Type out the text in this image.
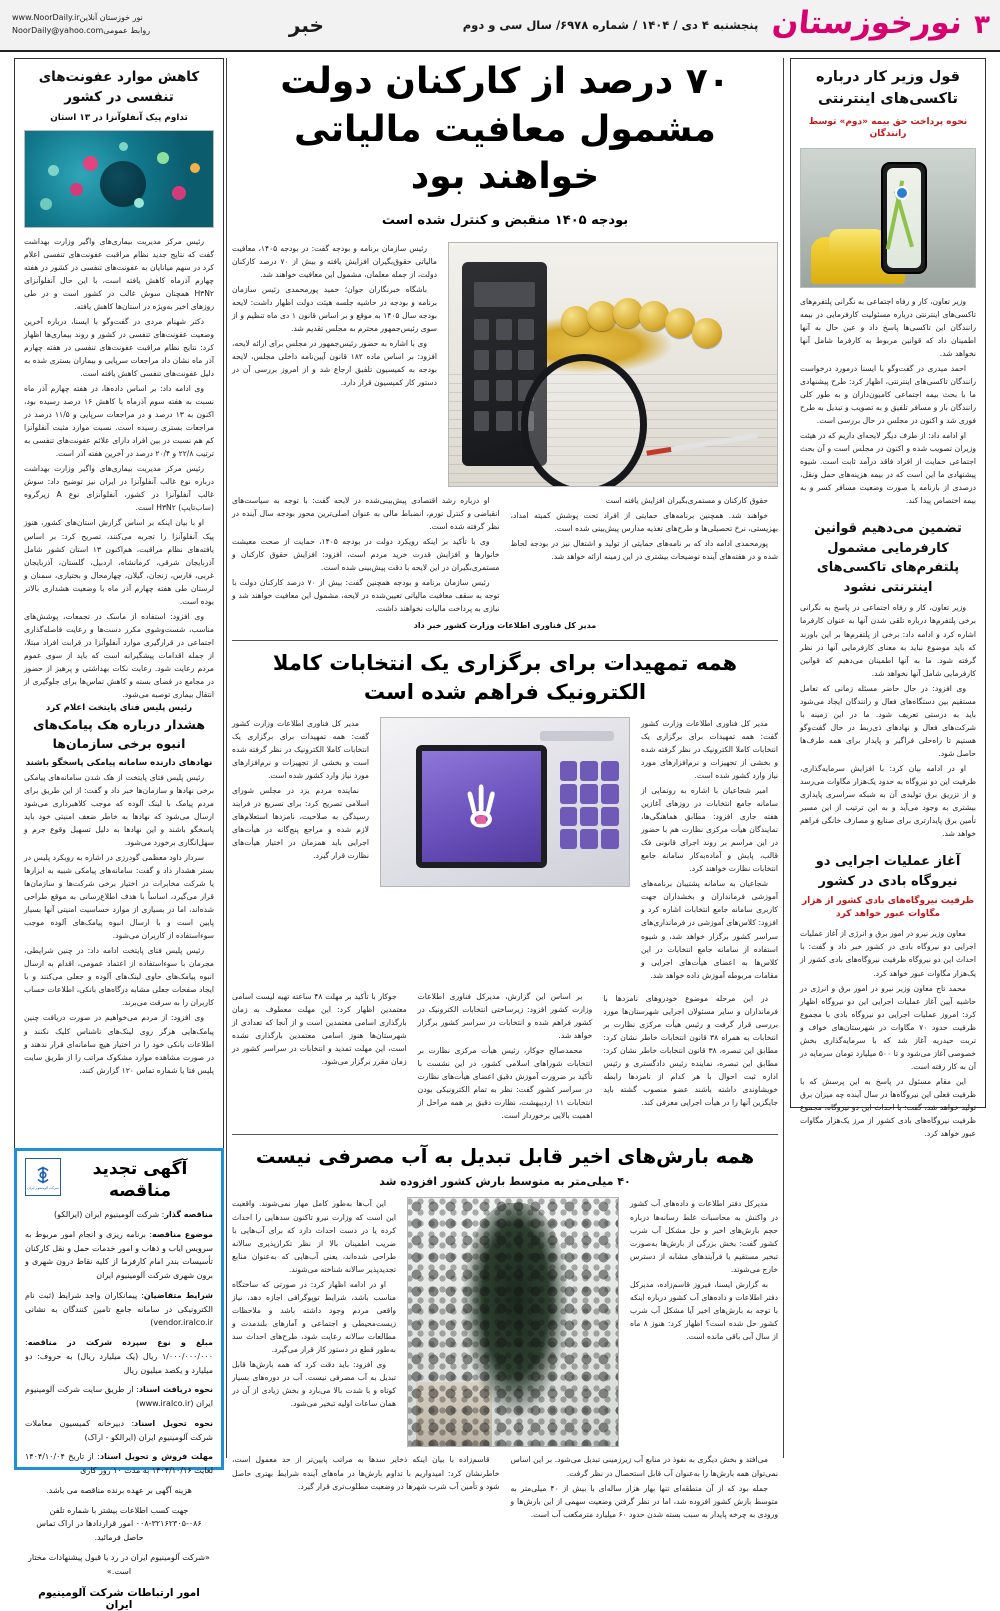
۳
نورخوزستان
پنجشنبه ۴ دی / ۱۴۰۴ / شماره ۶۹۷۸/ سال سی و دوم
خبر
www.NoorDaily.irنور خوزستان آنلاین
NoorDaily@yahoo.comروابط عمومی
قول وزیر کار درباره تاکسی‌های اینترنتی
نحوه پرداخت حق بیمه «دوم» توسط رانندگان

وزیر تعاون، کار و رفاه اجتماعی به نگرانی پلتفرم‌های تاکسی‌های اینترنتی درباره مسئولیت کارفرمایی در بیمه رانندگان این تاکسی‌ها پاسخ داد و عین حال به آنها اطمینان داد که قوانین مربوط به کارفرما شامل آنها نخواهد شد.

احمد میدری در گفت‌وگو با ایسنا درمورد درخواست رانندگان تاکسی‌های اینترنتی، اظهار کرد: طرح پیشنهادی ما با بحث بیمه اجتماعی کامیون‌داران و به طور کلی رانندگان بار و مسافر تلفیق و به تصویب و تبدیل به طرح فوری شد و اکنون در مجلس در حال بررسی است.

او ادامه داد: از طرف دیگر لایحه‌ای داریم که در هیئت وزیران تصویب شده و اکنون در مجلس است و آن بحث اجتماعی حمایت از افراد فاقد درآمد ثابت است. شیوه پیشنهادی ما این است که در بیمه هزینه‌های حمل ونقل، درصدی از بارنامه یا صورت وضعیت مسافر کسر و به بیمه اختصاص پیدا کند.

تضمین می‌دهیم قوانین کارفرمایی مشمول پلتفرم‌های تاکسی‌های اینترنتی نشود

وزیر تعاون، کار و رفاه اجتماعی در پاسخ به نگرانی برخی پلتفرم‌ها درباره تلقی شدن آنها به عنوان کارفرما اشاره کرد و ادامه داد: برخی از پلتفرم‌ها بر این باورند که باید موضوع نباید به معنای کارفرمایی آنها در نظر گرفته شود. ما به آنها اطمینان می‌دهیم که قوانین کارفرمایی شامل آنها نخواهد شد.

وی افزود: در حال حاضر مسئله زمانی که تعامل مستقیم بین دستگاه‌های فعال و رانندگان ایجاد می‌شود باید به درستی تعریف شود. ما در این زمینه با شرکت‌های فعال و نهادهای ذی‌ربط در حال گفت‌وگو هستیم تا راه‌حلی فراگیر و پایدار برای همه طرف‌ها حاصل شود.

او در ادامه بیان کرد: با افزایش سرمایه‌گذاری، ظرفیت این دو نیروگاه به حدود یک‌هزار مگاوات می‌رسد و از تزریق برق تولیدی آن به شبکه سراسری پایداری بیشتری به وجود می‌آید و به این ترتیب از این مسیر تأمین برق پایدارتری برای صنایع و مصارف خانگی فراهم خواهد شد.

آغاز عملیات اجرایی دو نیروگاه بادی در کشور
ظرفیت نیروگاه‌های بادی کشور از هزار مگاوات عبور خواهد کرد

معاون وزیر نیرو در امور برق و انرژی از آغاز عملیات اجرایی دو نیروگاه بادی در کشور خبر داد و گفت: با احداث این دو نیروگاه ظرفیت نیروگاه‌های بادی کشور از یک‌هزار مگاوات عبور خواهد کرد.

محمد تاج معاون وزیر نیرو در امور برق و انرژی در حاشیه آیین آغاز عملیات اجرایی این دو نیروگاه اظهار کرد: امروز عملیات اجرایی دو نیروگاه بادی با مجموع ظرفیت حدود ۷۰ مگاوات در شهرستان‌های خواف و تربت حیدریه آغاز شد که با سرمایه‌گذاری بخش خصوصی آغاز می‌شود و تا ۵۰۰ میلیارد تومان سرمایه در آن به کار رفته است.

این مقام مسئول در پاسخ به این پرسش که با ظرفیت فعلی این نیروگاه‌ها در سال آینده چه میزان برق تولید خواهد شد، گفت: با احداث این دو نیروگاه، مجموع ظرفیت نیروگاه‌های بادی کشور از مرز یک‌هزار مگاوات عبور خواهد کرد.

۷۰ درصد از کارکنان دولت مشمول معافیت مالیاتی خواهند بود
بودجه ۱۴۰۵ منقبض و کنترل شده است

رئیس سازمان برنامه و بودجه گفت: در بودجه ۱۴۰۵، معافیت مالیاتی حقوق‌بگیران افزایش یافته و بیش از ۷۰ درصد کارکنان دولت، از جمله معلمان، مشمول این معافیت خواهند شد.

باشگاه خبرنگاران جوان؛ حمید پورمحمدی رئیس سازمان برنامه و بودجه در حاشیه جلسه هیئت دولت اظهار داشت: لایحه بودجه سال ۱۴۰۵ به موقع و بر اساس قانون ۱ دی ماه تنظیم و از سوی رئیس‌جمهور محترم به مجلس تقدیم شد.

وی با اشاره به حضور رئیس‌جمهور در مجلس برای ارائه لایحه، افزود: بر اساس ماده ۱۸۲ قانون آیین‌نامه داخلی مجلس، لایحه بودجه به کمیسیون تلفیق ارجاع شد و از امروز بررسی آن در دستور کار کمیسیون قرار دارد.

حقوق کارکنان و مستمری‌بگیران افزایش یافته است

خواهند شد. همچنین برنامه‌های حمایتی از افراد تحت پوشش کمیته امداد، بهزیستی، نرخ تحصیلی‌ها و طرح‌های تغذیه مدارس پیش‌بینی شده است.

پورمحمدی ادامه داد که بر نامه‌های حمایتی از تولید و اشتغال نیز در بودجه لحاظ شده و در هفته‌های آینده توضیحات بیشتری در این زمینه ارائه خواهد شد.

او درباره رشد اقتصادی پیش‌بینی‌شده در لایحه گفت: با توجه به سیاست‌های انقباضی و کنترل تورم، انضباط مالی به عنوان اصلی‌ترین محور بودجه سال آینده در نظر گرفته شده است.

وی با تأکید بر اینکه رویکرد دولت در بودجه ۱۴۰۵، حمایت از صحت معیشت خانوارها و افزایش قدرت خرید مردم است، افزود: افزایش حقوق کارکنان و مستمری‌بگیران در این لایحه با دقت پیش‌بینی شده است.

رئیس سازمان برنامه و بودجه همچنین گفت: بیش از ۷۰ درصد کارکنان دولت با توجه به سقف معافیت مالیاتی تعیین‌شده در لایحه، مشمول این معافیت خواهند شد و نیازی به پرداخت مالیات نخواهند داشت.

مدیر کل فناوری اطلاعات وزارت کشور خبر داد
همه تمهیدات برای برگزاری یک انتخابات کاملا الکترونیک فراهم شده است

مدیر کل فناوری اطلاعات وزارت کشور گفت: همه تمهیدات برای برگزاری یک انتخابات کاملا الکترونیک در نظر گرفته شده و بخشی از تجهیزات و نرم‌افزارهای مورد نیاز وارد کشور شده است.

امیر شجاعیان با اشاره به رونمایی از سامانه جامع انتخابات در روزهای آغازین هفته جاری افزود: مطابق هماهنگی‌ها، نمایندگان هیأت مرکزی نظارت هم با حضور در این مراسم بر روند اجرای قانونی فک قالب، پایش و آماده‌به‌کار سامانه جامع انتخابات نظارت خواهند کرد.

شجاعیان به سامانه پشتیبان برنامه‌های آموزشی فرمانداران و بخشداران جهت کاربری سامانه جامع انتخابات اشاره کرد و افزود: کلاس‌های آموزشی در فرمانداری‌های سراسر کشور برگزار خواهد شد، و شیوه استفاده از سامانه جامع انتخابات در این کلاس‌ها به اعضای هیأت‌های اجرایی و مقامات مربوطه آموزش داده خواهد شد.

مدیر کل فناوری اطلاعات وزارت کشور گفت: همه تمهیدات برای برگزاری یک انتخابات کاملا الکترونیک در نظر گرفته شده است و بخشی از تجهیزات و نرم‌افزارهای مورد نیاز وارد کشور شده است.

نماینده مردم یزد در مجلس شورای اسلامی تصریح کرد: برای تسریع در فرایند رسیدگی به صلاحیت، نامزدها استعلام‌های لازم شده و مراجع پنج‌گانه در هیأت‌های اجرایی باید همزمان در اختیار هیأت‌های نظارت قرار گیرد.

در این مرحله موضوع خودروهای نامزدها با فرمانداران و سایر مسئولان اجرایی شهرستان‌ها مورد بررسی قرار گرفت و رئیس هیأت مرکزی نظارت بر انتخابات به همراه ۳۸ قانون انتخابات خاطر نشان کرد: مطابق این تبصره، ۳۸ قانون انتخابات خاطر نشان کرد: مطابق این تبصره، نماینده رئیس دادگستری و رئیس اداره ثبت احوال با هر کدام از نامزدها رابطه خویشاوندی داشته باشند عضو منصوب گشته باید جایگزین آنها را در هیأت اجرایی معرفی کند.

بر اساس این گزارش، مدیرکل فناوری اطلاعات وزارت کشور افزود: زیرساختی انتخابات الکترونیک در کشور فراهم شده و انتخابات در سراسر کشور برگزار خواهد شد.

محمدصالح جوکار، رئیس هیأت مرکزی نظارت بر انتخابات شوراهای اسلامی کشور، در این نشست با تأکید بر ضرورت آموزش دقیق اعضای هیأت‌های نظارت در سراسر کشور گفت: نظر به تمام الکترونیکی بودن انتخابات ۱۱ اردیبهشت، نظارت دقیق بر همه مراحل از اهمیت بالایی برخوردار است.

جوکار با تأکید بر مهلت ۴۸ ساعته تهیه لیست اسامی معتمدین اظهار کرد: این مهلت معطوف به زمان بارگذاری اسامی معتمدین است و از آنجا که تعدادی از شهرستان‌ها هنوز اسامی معتمدین بارگذاری نشده است، این مهلت تمدید و انتخابات در سراسر کشور در زمان مقرر برگزار می‌شود.

همه بارش‌های اخیر قابل تبدیل به آب مصرفی نیست
۴۰ میلی‌متر به متوسط بارش کشور افزوده شد

مدیرکل دفتر اطلاعات و داده‌های آب کشور در واکنش به محاسبات غلط رسانه‌ها درباره حجم بارش‌های اخیر و حل مشکل آب شرب کشور گفت: بخش بزرگی از بارش‌ها به‌صورت تبخیر مستقیم یا فرآیندهای مشابه از دسترس خارج می‌شوند.

به گزارش ایسنا، فیروز قاسم‌زاده، مدیرکل دفتر اطلاعات و داده‌های آب کشور درباره اینکه با توجه به بارش‌های اخیر آیا مشکل آب شرب کشور حل شده است؟ اظهار کرد: هنوز ۸ ماه از سال آبی باقی مانده است.

این آب‌ها به‌طور کامل مهار نمی‌شوند. واقعیت این است که وزارت نیرو تاکنون سدهایی را احداث کرده یا در دست احداث دارد که برای آب‌هایی با ضریب اطمینان بالا از نظر تکرارپذیری سالانه طراحی شده‌اند، یعنی آب‌هایی که به‌عنوان منابع تجدیدپذیر سالانه شناخته می‌شوند.

او در ادامه اظهار کرد: در صورتی که ساختگاه مناسب باشد، شرایط توپوگرافی اجازه دهد، نیاز واقعی مردم وجود داشته باشد و ملاحظات زیست‌محیطی و اجتماعی و آمارهای بلندمدت و مطالعات سالانه رعایت شود، طرح‌های احداث سد به‌طور قطع در دستور کار قرار می‌گیرد.

وی افزود: باید دقت کرد که همه بارش‌ها قابل تبدیل به آب مصرفی نیست. آب در دوره‌های بسیار کوتاه و با شدت بالا می‌بارد و بخش زیادی از آن در همان ساعات اولیه تبخیر می‌شود.

می‌افتد و بخش دیگری به نفوذ در منابع آب زیرزمینی تبدیل می‌شود. بر این اساس نمی‌توان همه بارش‌ها را به‌عنوان آب قابل استحصال در نظر گرفت.

جمله بود که از آن منطقه‌ای تنها بهار هزار ساله‌ای با بیش از ۴۰ میلی‌متر به متوسط بارش کشور افزوده شد، اما در نظر گرفتن وضعیت سهمی از این بارش‌ها و ورودی به چرخه پایدار به سبب بسته شدن حدود ۶۰ میلیارد مترمکعب آب است.

قاسم‌زاده با بیان اینکه ذخایر سدها به مراتب پایین‌تر از حد معمول است، خاطرنشان کرد: امیدواریم با تداوم بارش‌ها در ماه‌های آینده شرایط بهتری حاصل شود و تأمین آب شرب شهرها در وضعیت مطلوب‌تری قرار گیرد.

کاهش موارد عفونت‌های تنفسی در کشور
تداوم پیک آنفلوآنزا در ۱۳ استان

رئیس مرکز مدیریت بیماری‌های واگیر وزارت بهداشت گفت که نتایج جدید نظام مراقبت عفونت‌های تنفسی اعلام کرد در سهم میانایان به عفونت‌های تنفسی در کشور در هفته چهارم آذرماه کاهش یافته است، با این حال آنفلوآنزای H۳N۲ همچنان سوش غالب در کشور است و در طی روزهای اخیر به‌ویژه در استان‌ها کاهش یافته.

دکتر شهنام مردی در گفت‌وگو با ایسنا، درباره آخرین وضعیت عفونت‌های تنفسی در کشور و روند بیماری‌ها اظهار کرد: نتایج نظام مراقبت عفونت‌های تنفسی در هفته چهارم آذر ماه نشان داد مراجعات سرپایی و بیماران بستری شده به دلیل عفونت‌های تنفسی کاهش یافته است.

وی ادامه داد: بر اساس داده‌ها، در هفته چهارم آذر ماه نسبت به هفته سوم آذرماه با کاهش ۱۶ درصد رسیده بود، اکنون به ۱۳ درصد و در مراجعات سرپایی و ۱۱/۵ درصد در مراجعات بستری رسیده است. نسبت موارد مثبت آنفلوآنزا کم‌ هم نسبت در بین افراد دارای علائم عفونت‌های تنفسی به ترتیب ۲۲/۸ و ۲۰/۴ درصد در آخرین هفته آذر است.

رئیس مرکز مدیریت بیماری‌های واگیر وزارت بهداشت درباره نوع غالب آنفلوآنزا در ایران نیز توضیح داد: سوش غالب آنفلوآنزا در کشور، آنفلوآنزای نوع A زیرگروه (ساب‌تایپ) H۳N۲ است.

او با بیان اینکه بر اساس گزارش استان‌های کشور، هنوز پیک آنفلوآنزا را تجربه می‌کنند، تصریح کرد: بر اساس یافته‌های نظام مراقبت، هم‌اکنون ۱۳ استان کشور شامل آذربایجان شرقی، کرمانشاه، اردبیل، گلستان، آذربایجان غربی، فارس، زنجان، گیلان، چهارمحال و بختیاری، سمنان و لرستان طی هفته چهارم آذر ماه با وضعیت هشداری بالاتر بوده است.

وی افزود: استفاده از ماسک در تجمعات، پوشش‌های مناسب، شست‌وشوی مکرر دست‌ها و رعایت فاصله‌گذاری اجتماعی در قرارگیری موارد آنفلوآنزا در قرابت افراد مبتلا، از جمله اقدامات پیشگیرانه است که باید از سوی عموم مردم رعایت شود. رعایت نکات بهداشتی و پرهیز از حضور در مجامع در فضای بسته و کاهش تماس‌ها برای جلوگیری از انتقال بیماری توصیه می‌شود.

رئیس پلیس فتای پایتخت اعلام کرد
هشدار درباره هک پیامک‌های انبوه برخی سازمان‌ها
نهادهای دارنده سامانه پیامکی پاسخگو باشند

رئیس پلیس فتای پایتخت از هک شدن سامانه‌های پیامکی برخی نهادها و سازمان‌ها خبر داد و گفت: از این طریق برای مردم پیامک با لینک آلوده که موجب کلاهبرداری می‌شود ارسال می‌شود که نهادها به خاطر ضعف امنیتی خود باید پاسخگو باشند و این نهادها به دلیل تسهیل وقوع جرم و سهل‌انگاری برخورد می‌شود.

سردار داود معظمی گودرزی در اشاره به رویکرد پلیس در بستر هشدار داد و گفت: سامانه‌های پیامکی شبیه به ابزارها یا شرکت مخابرات در اختیار برخی شرکت‌ها و سازمان‌ها قرار می‌گیرد، اساساً با هدف اطلاع‌رسانی به موقع طراحی شده‌اند، اما در بسیاری از موارد حساسیت امنیتی آنها بسیار پایین است و با ارسال انبوه پیامک‌های آلوده موجب سوءاستفاده از کاربران می‌شود.

رئیس پلیس فتای پایتخت ادامه داد: در چنین شرایطی، مجرمان با سوءاستفاده از اعتماد عمومی، اقدام به ارسال انبوه پیامک‌های حاوی لینک‌های آلوده و جعلی می‌کنند و با ایجاد صفحات جعلی مشابه درگاه‌های بانکی، اطلاعات حساب کاربران را به سرقت می‌برند.

وی افزود: از مردم می‌خواهیم در صورت دریافت چنین پیامک‌هایی هرگز روی لینک‌های ناشناس کلیک نکنند و اطلاعات بانکی خود را در اختیار هیچ سامانه‌ای قرار ندهند و در صورت مشاهده موارد مشکوک مراتب را از طریق سایت پلیس فتا یا شماره تماس ۱۲۰ گزارش کنند.

آگهی تجدید مناقصه
شرکت آلومینیوم ایران
مناقصه گذار: شرکت آلومینیوم ایران (ایرالکو)
موضوع مناقصه: برنامه ریزی و انجام امور مربوط به سرویس ایاب و ذهاب و امور خدمات حمل و نقل کارکنان تأسیسات بندر امام کارفرما از کلیه نقاط درون شهری و برون شهری شرکت آلومینیوم ایران
شرایط متقاضیان: پیمانکاران واجد شرایط (ثبت نام الکترونیکی در سامانه جامع تامین کنندگان به نشانی vendor.iralco.ir)
مبلغ و نوع سپرده شرکت در مناقصه: ۱/۰۰۰/۰۰۰/۰۰۰ ریال (یک میلیارد ریال) به حروف: دو میلیارد و یکصد میلیون ریال
نحوه دریافت اسناد: از طریق سایت شرکت آلومینیوم ایران (www.iralco.ir)
نحوه تحویل اسناد: دبیرخانه کمیسیون معاملات شرکت آلومینیوم ایران (ایرالکو - اراک)
مهلت فروش و تحویل اسناد: از تاریخ ۱۴۰۴/۱۰/۰۴ لغایت ۱۴۰۴/۱۰/۱۶ به مدت ۱۰ روز کاری
هزینه آگهی بر عهده برنده مناقصه می باشد.
جهت کسب اطلاعات بیشتر با شماره تلفن ۰۸۶-۳۲۱۶۲۳۰۵-۰۰۸ امور قراردادها در اراک تماس حاصل فرمائید.
«شرکت آلومینیوم ایران در رد یا قبول پیشنهادات مختار است.»
امور ارتباطات شرکت آلومینیوم ایران
